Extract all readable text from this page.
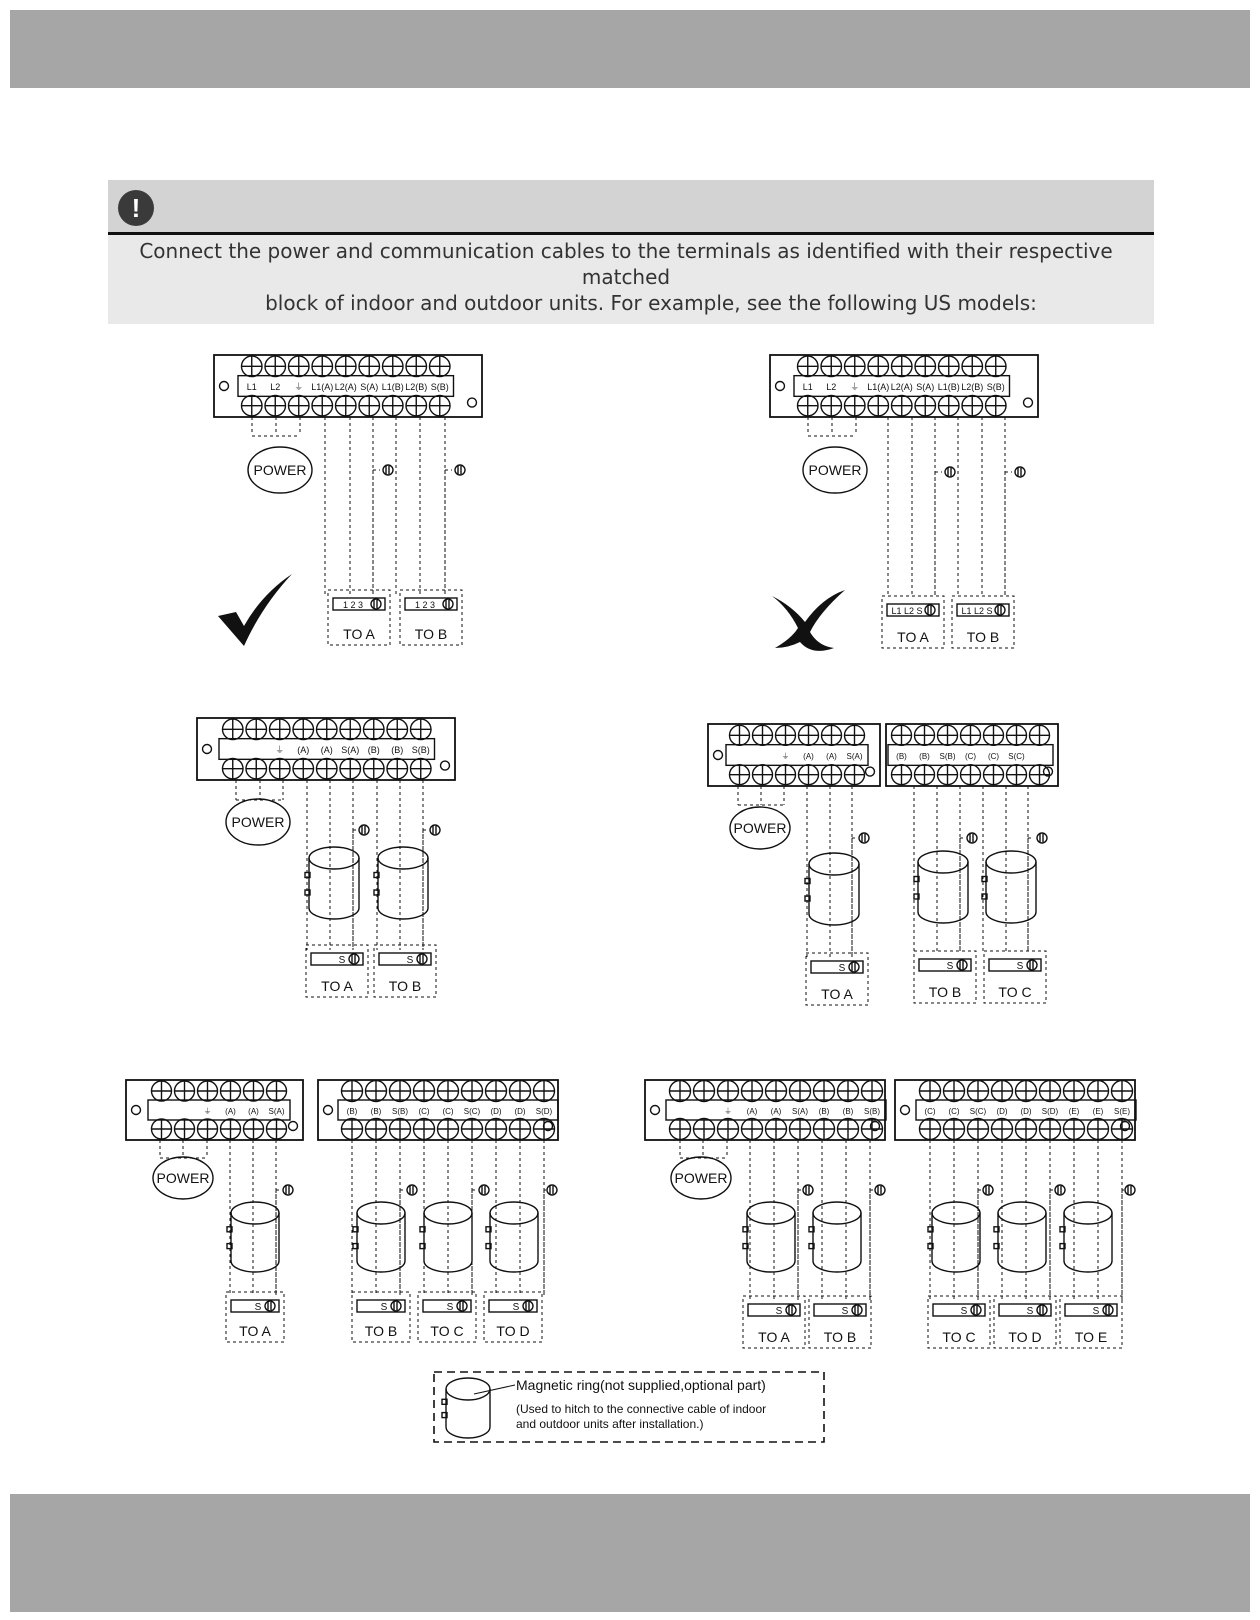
!
Connect the power and communication cables to the terminals as identified with their respective matched
block of indoor and outdoor units. For example, see the following US models:
L1 L2 ⏚ L1(A) L2(A) S(A) L1(B) L2(B) S(B)
POWER
1 2 3
TO A
1 2 3
TO B
L1 L2 ⏚ L1(A) L2(A) S(A) L1(B) L2(B) S(B)
POWER
L1 L2 S
TO A
L1 L2 S
TO B
⏚ (A) (A) S(A) (B) (B) S(B)
POWER
S
TO A
S
TO B
⏚ (A) (A) S(A)	(B) (B) S(B) (C) (C) S(C)
POWER
S
TO A
S
TO B
S
TO C
⏚ (A) (A) S(A)	(B) (B) S(B) (C) (C) S(C) (D) (D) S(D)
POWER
S
TO A
S
TO B
S
TO C
S
TO D
⏚ (A) (A) S(A) (B) (B) S(B)	(C) (C) S(C) (D) (D) S(D) (E) (E) S(E)
POWER
S
TO A
S
TO B
S
TO C
S
TO D
S
TO E
Magnetic ring(not supplied,optional part)
(Used to hitch to the connective cable of indoor
and outdoor units after installation.)
